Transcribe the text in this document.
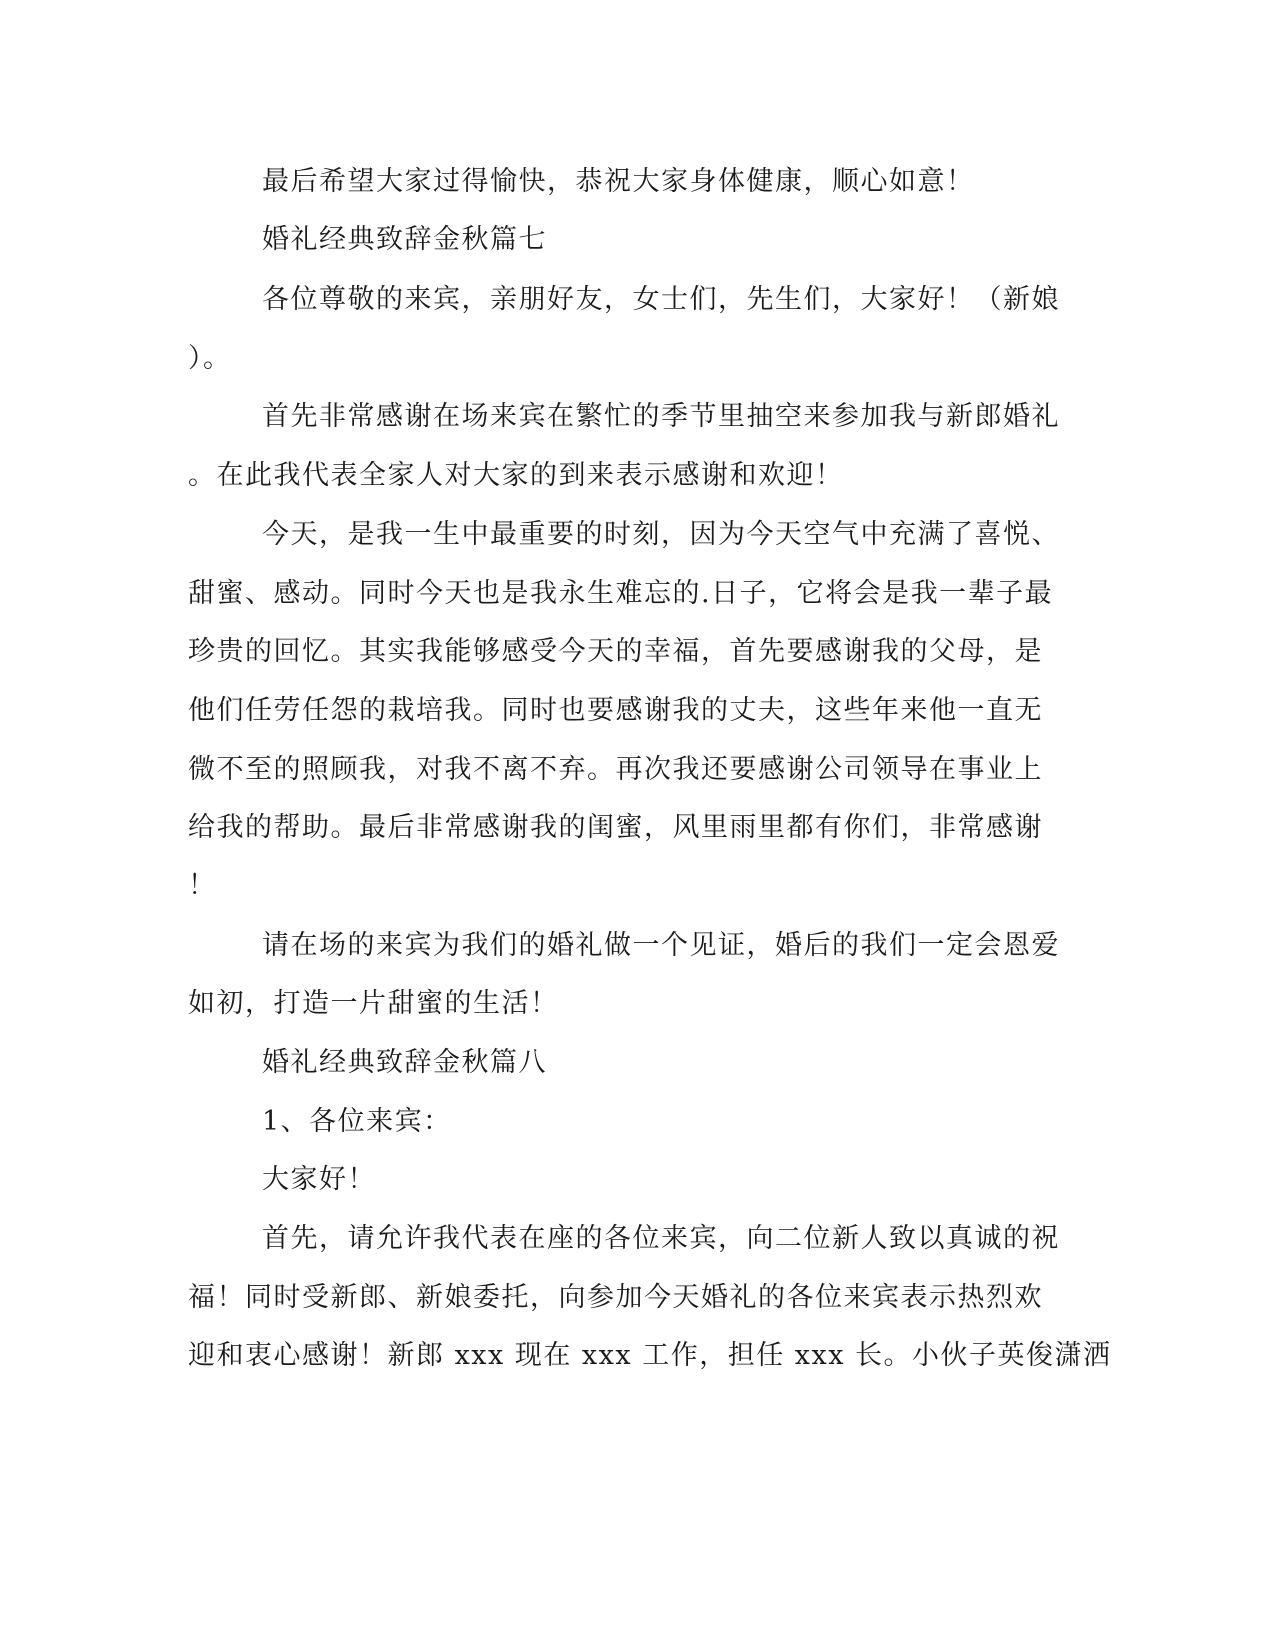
最后希望大家过得愉快，恭祝大家身体健康，顺心如意！
婚礼经典致辞金秋篇七
各位尊敬的来宾，亲朋好友，女士们，先生们，大家好！（新娘
）。
首先非常感谢在场来宾在繁忙的季节里抽空来参加我与新郎婚礼
。在此我代表全家人对大家的到来表示感谢和欢迎！
今天，是我一生中最重要的时刻，因为今天空气中充满了喜悦、
甜蜜、感动。同时今天也是我永生难忘的.日子，它将会是我一辈子最
珍贵的回忆。其实我能够感受今天的幸福，首先要感谢我的父母，是
他们任劳任怨的栽培我。同时也要感谢我的丈夫，这些年来他一直无
微不至的照顾我，对我不离不弃。再次我还要感谢公司领导在事业上
给我的帮助。最后非常感谢我的闺蜜，风里雨里都有你们，非常感谢
！
请在场的来宾为我们的婚礼做一个见证，婚后的我们一定会恩爱
如初，打造一片甜蜜的生活！
婚礼经典致辞金秋篇八
1、各位来宾：
大家好！
首先，请允许我代表在座的各位来宾，向二位新人致以真诚的祝
福！同时受新郎、新娘委托，向参加今天婚礼的各位来宾表示热烈欢
迎和衷心感谢！新郎 xxx 现在 xxx 工作，担任 xxx 长。小伙子英俊潇洒
